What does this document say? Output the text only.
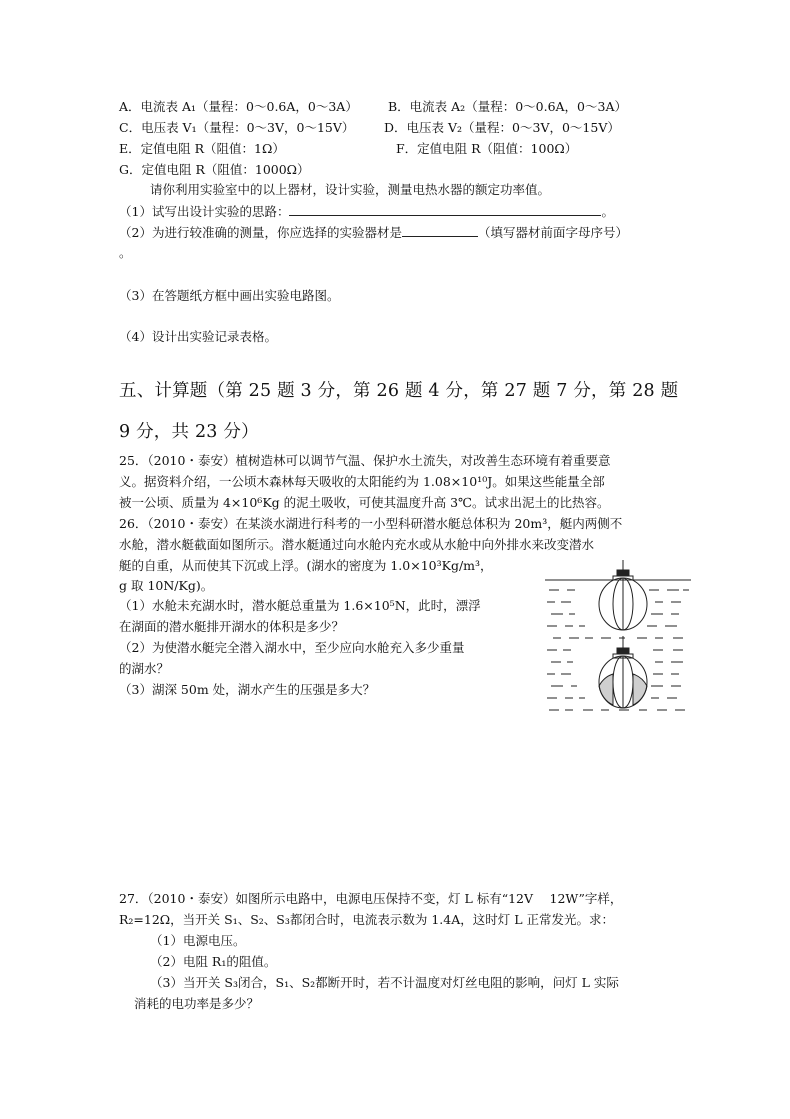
A．电流表 A₁（量程：0～0.6A，0～3A） B．电流表 A₂（量程：0～0.6A，0～3A）
C．电压表 V₁（量程：0～3V，0～15V） D．电压表 V₂（量程：0～3V，0～15V）
E．定值电阻 R（阻值：1Ω）	F．定值电阻 R（阻值：100Ω）
G．定值电阻 R（阻值：1000Ω）
请你利用实验室中的以上器材，设计实验，测量电热水器的额定功率值。
（1）试写出设计实验的思路：	。
（2）为进行较准确的测量，你应选择的实验器材是	（填写器材前面字母序号）
。
（3）在答题纸方框中画出实验电路图。
（4）设计出实验记录表格。
五、计算题（第 25 题 3 分，第 26 题 4 分，第 27 题 7 分，第 28 题
9 分，共 23 分）
25．（2010・泰安）植树造林可以调节气温、保护水土流失，对改善生态环境有着重要意
义。据资料介绍，一公顷木森林每天吸收的太阳能约为 1.08×10¹⁰J。如果这些能量全部
被一公顷、质量为 4×10⁶Kg 的泥土吸收，可使其温度升高 3℃。试求出泥土的比热容。
26．（2010・泰安）在某淡水湖进行科考的一小型科研潜水艇总体积为 20m³，艇内两侧不
水舱，潜水艇截面如图所示。潜水艇通过向水舱内充水或从水舱中向外排水来改变潜水
艇的自重，从而使其下沉或上浮。(湖水的密度为 1.0×10³Kg/m³，
g 取 10N/Kg)。
（1）水舱未充湖水时，潜水艇总重量为 1.6×10⁵N，此时，漂浮
在湖面的潜水艇排开湖水的体积是多少？
（2）为使潜水艇完全潜入湖水中，至少应向水舱充入多少重量
的湖水？
（3）湖深 50m 处，湖水产生的压强是多大？
27．（2010・泰安）如图所示电路中，电源电压保持不变，灯 L 标有“12V　 12W”字样，
R₂=12Ω，当开关 S₁、S₂、S₃都闭合时，电流表示数为 1.4A，这时灯 L 正常发光。求：
（1）电源电压。
（2）电阻 R₁的阻值。
（3）当开关 S₃闭合，S₁、S₂都断开时，若不计温度对灯丝电阻的影响，问灯 L 实际
消耗的电功率是多少？
